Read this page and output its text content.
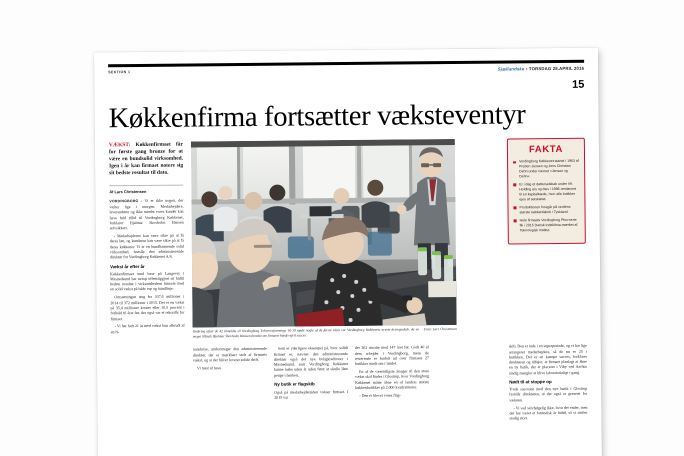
SEKTION 1
Sjællandske ▪ TORSDAG 28.APRIL 2016
15
Køkkenfirma fortsætter væksteventyr
VÆKST: Køkkenfirmaet får for første gang bronze for at være en bundsolid virksomhed. Igen i år kan firmaet notere sig sit bedste resultat til dato.
Af Lars Christensen

VORDINGBORG - Vi er ikke nogen, der vælter lige i morgen. Medarbejdere, leverandører og ikke mindst vores kunder kan have fuld tillid til Vordingborg Køkkenet, forklarer Hjalmar Skovholm Hansen selvsikkert.

- Medarbejderne kan være sikre på at få deres løn, og kunderne kan være sikre på at få deres køkkener. Vi er en bundhamrende solid virksomhed, fastslår den administrerende direktør for Vordingborg Køkkenet A/S.

Vækst år efter år

Køkkenfirmaet med base på Langevej i Masnedsund har netop offentliggjort sit hidtil bedste resultat i virksomhedens historie med en solid vækst på både top og bundlinje.

Omsætningen steg fra 337,6 millioner i 2014 til 372 millioner i 2015. Det er en vækst på 35,4 millioner kroner eller 10,5 procent i forhold til året før, der også var et rekordår for firmaet.

- Vi har haft 21 år med vækst kun afbrudt af en fi-	Foto: Lars Christensen
Omkring aften de 42 tilmeldte til Vordingborg Erhvervsforenings 16-19 møde nogle af de første tilsat var Vordingborg Køkkenets nyeste årsregnskab, da en meget tilfreds Hjalmar Skovholm Hansen fortalte om firmaets hårdt vejril succes.
FAKTA
Vordingborg Køkkenet startet i 1963 af Preben Jensen og Jens Christian Dehn under navnet »Jensen og Dehn«.
Er i dag et datterselskab under VK Holding a/s og blev i 1996 omdannet til en kapitalkæde, hvor alle butikker ejes af selskabet.
Produktionen foregår på verdens største køkkenfabrik i Tyskland.
Hele firmaets Vordingborg Plus-serie fik i 2015 Dansk Indeklima-mærket af Teknologisk Institut.

nanskrise, understreger den administrerende direktør, der er mærkbart stolt af firmaets vækst, og at der bliver leveret solide drift.

Vi trøst af have

Som et yderligere eksempel på, hvor solidt firmaet er, nævner den administrerende direktør også det nye boligkreditorer i Masnedsund, som Vordingborg Køkkenet kunne købe uden år uden først at skulle låne penge i banken.

Ny butik er flagskib

Også på medarbejdersiden vokser firmaet. I 2015 var

der 362 ansatte mod 147 året før. Godt 40 af dem arbejder i Vordingborg, mens de resterende er fordelt ud over firmaets 27 butikker rundt om i landet.

En af de væsentligste årsager til den store vækst skal findes i Glostrup, hvor Vordingborg Køkkenet måtte åbne en af landets største køkkenbutikker på 2.000 kvadratmeter.

- Den er blevet vores flag-

skib. Den er inde i en superperiode, og vi har lige arrangeret medarbejdere, så de nu er 25 i butikken. Det er en kæmpe succes, forklarer direktøren og tilføjer, at firmaet planlagt at åbne en ny butik, der er placeret i Viby ved Aarhus stadig mangler at blive laboratorieligt i gang.

Nødt til at stoppe op

Trods succesen med den nye butik i Glostrup fastslår direktøren, at der også er grænser for væksten.

- Vi ved selvfølgelig ikke, hvor der ender, men det har været et fantastisk år hidtil, så vi smiler stadig stort.
